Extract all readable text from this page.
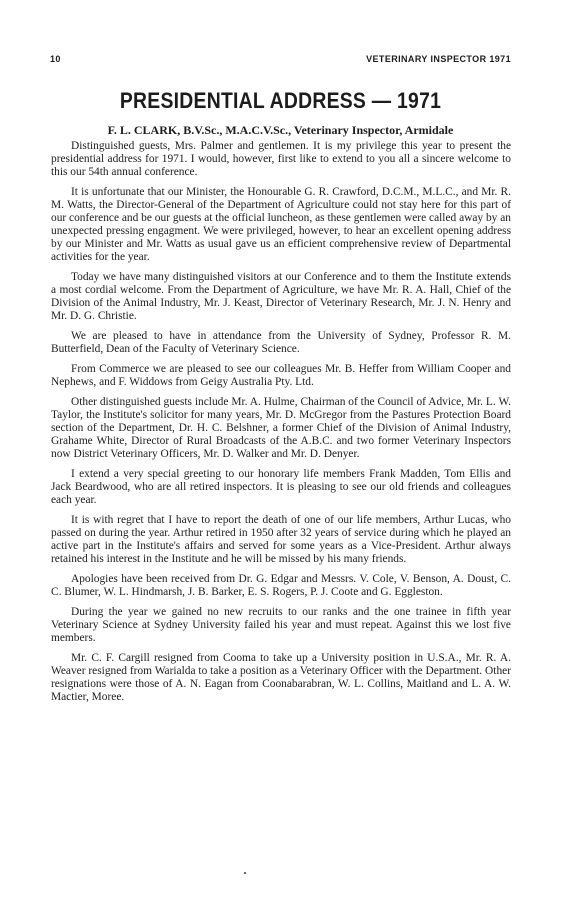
10	VETERINARY INSPECTOR 1971
PRESIDENTIAL ADDRESS — 1971
F. L. CLARK, B.V.Sc., M.A.C.V.Sc., Veterinary Inspector, Armidale

Distinguished guests, Mrs. Palmer and gentlemen. It is my privilege this year to present the presidential address for 1971. I would, however, first like to extend to you all a sincere welcome to this our 54th annual conference.

It is unfortunate that our Minister, the Honourable G. R. Crawford, D.C.M., M.L.C., and Mr. R. M. Watts, the Director-General of the Department of Agriculture could not stay here for this part of our conference and be our guests at the official luncheon, as these gentlemen were called away by an unexpected pressing engagment. We were privileged, however, to hear an excellent opening address by our Minister and Mr. Watts as usual gave us an efficient comprehensive review of Departmental activities for the year.

Today we have many distinguished visitors at our Conference and to them the Institute extends a most cordial welcome. From the Department of Agriculture, we have Mr. R. A. Hall, Chief of the Division of the Animal Industry, Mr. J. Keast, Director of Veterinary Research, Mr. J. N. Henry and Mr. D. G. Christie.

We are pleased to have in attendance from the University of Sydney, Professor R. M. Butterfield, Dean of the Faculty of Veterinary Science.

From Commerce we are pleased to see our colleagues Mr. B. Heffer from William Cooper and Nephews, and F. Widdows from Geigy Australia Pty. Ltd.

Other distinguished guests include Mr. A. Hulme, Chairman of the Council of Advice, Mr. L. W. Taylor, the Institute's solicitor for many years, Mr. D. McGregor from the Pastures Protection Board section of the Department, Dr. H. C. Belshner, a former Chief of the Division of Animal Industry, Grahame White, Director of Rural Broadcasts of the A.B.C. and two former Veterinary Inspectors now District Veterinary Officers, Mr. D. Walker and Mr. D. Denyer.

I extend a very special greeting to our honorary life members Frank Madden, Tom Ellis and Jack Beardwood, who are all retired inspectors. It is pleasing to see our old friends and colleagues each year.

It is with regret that I have to report the death of one of our life members, Arthur Lucas, who passed on during the year. Arthur retired in 1950 after 32 years of service during which he played an active part in the Institute's affairs and served for some years as a Vice-President. Arthur always retained his interest in the Institute and he will be missed by his many friends.

Apologies have been received from Dr. G. Edgar and Messrs. V. Cole, V. Benson, A. Doust, C. C. Blumer, W. L. Hindmarsh, J. B. Barker, E. S. Rogers, P. J. Coote and G. Eggleston.

During the year we gained no new recruits to our ranks and the one trainee in fifth year Veterinary Science at Sydney University failed his year and must repeat. Against this we lost five members.

Mr. C. F. Cargill resigned from Cooma to take up a University position in U.S.A., Mr. R. A. Weaver resigned from Warialda to take a position as a Veterinary Officer with the Department. Other resignations were those of A. N. Eagan from Coonabarabran, W. L. Collins, Maitland and L. A. W. Mactier, Moree.
